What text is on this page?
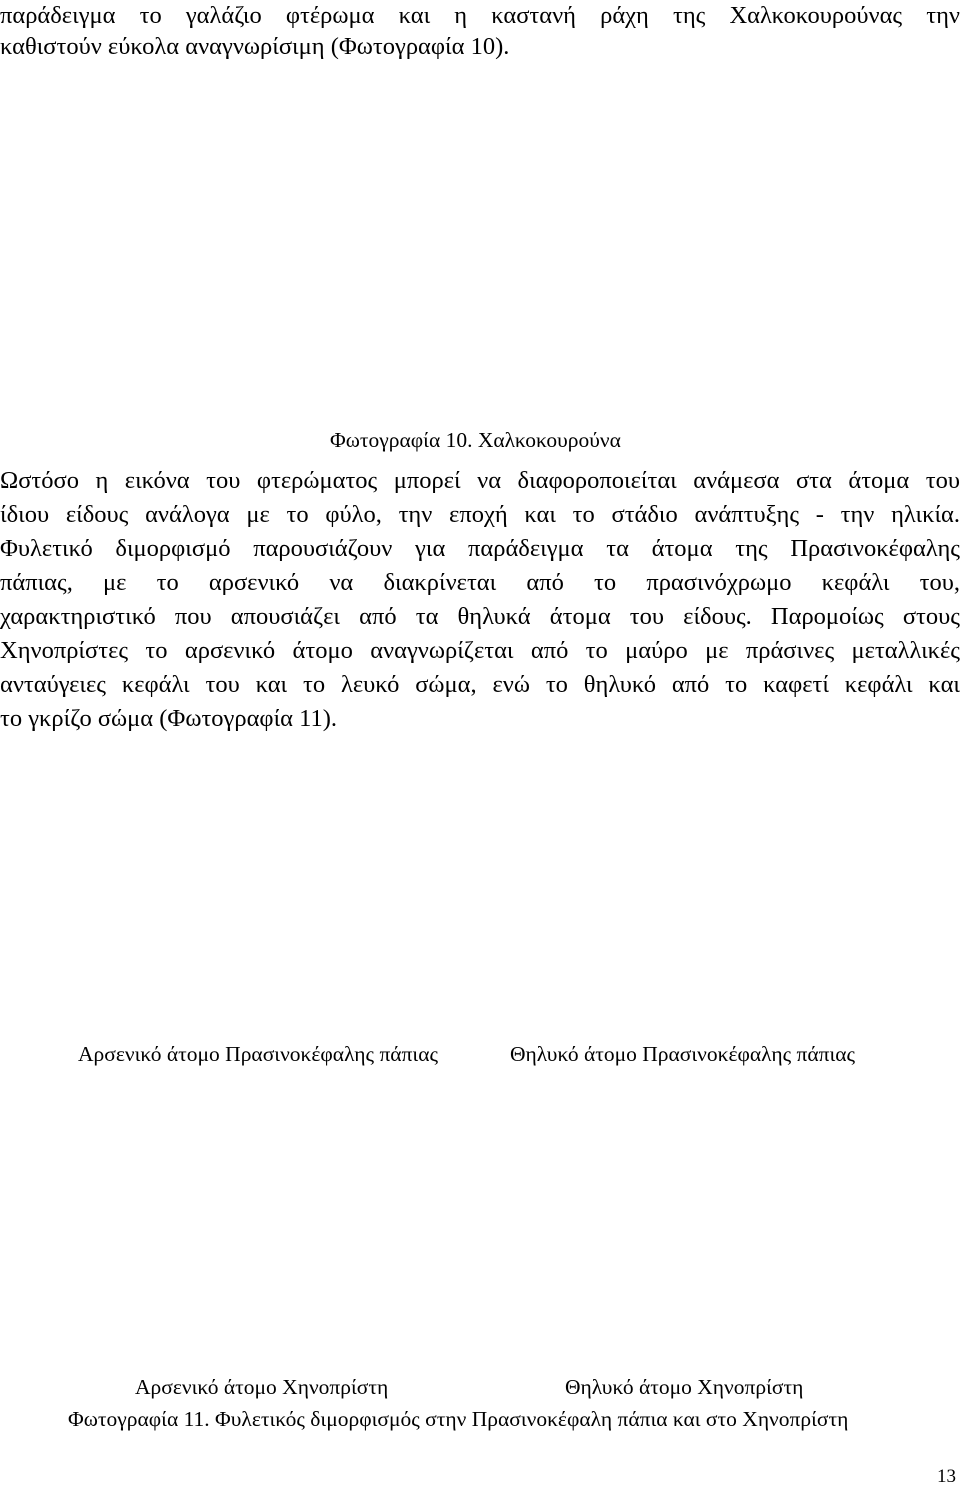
παράδειγμα το γαλάζιο φτέρωμα και η καστανή ράχη της Χαλκοκουρούνας την
καθιστούν εύκολα αναγνωρίσιμη (Φωτογραφία 10).
Φωτογραφία 10. Χαλκοκουρούνα
Ωστόσο η εικόνα του φτερώματος μπορεί να διαφοροποιείται ανάμεσα στα άτομα του
ίδιου είδους ανάλογα με το φύλο, την εποχή και το στάδιο ανάπτυξης - την ηλικία.
Φυλετικό διμορφισμό παρουσιάζουν για παράδειγμα τα άτομα της Πρασινοκέφαλης
πάπιας, με το αρσενικό να διακρίνεται από το πρασινόχρωμο κεφάλι του,
χαρακτηριστικό που απουσιάζει από τα θηλυκά άτομα του είδους. Παρομοίως στους
Χηνοπρίστες το αρσενικό άτομο αναγνωρίζεται από το μαύρο με πράσινες μεταλλικές
ανταύγειες κεφάλι του και το λευκό σώμα, ενώ το θηλυκό από το καφετί κεφάλι και
το γκρίζο σώμα (Φωτογραφία 11).
Αρσενικό άτομο Πρασινοκέφαλης πάπιας	Θηλυκό άτομο Πρασινοκέφαλης πάπιας
Αρσενικό άτομο Χηνοπρίστη	Θηλυκό άτομο Χηνοπρίστη
Φωτογραφία 11. Φυλετικός διμορφισμός στην Πρασινοκέφαλη πάπια και στο Χηνοπρίστη
13
